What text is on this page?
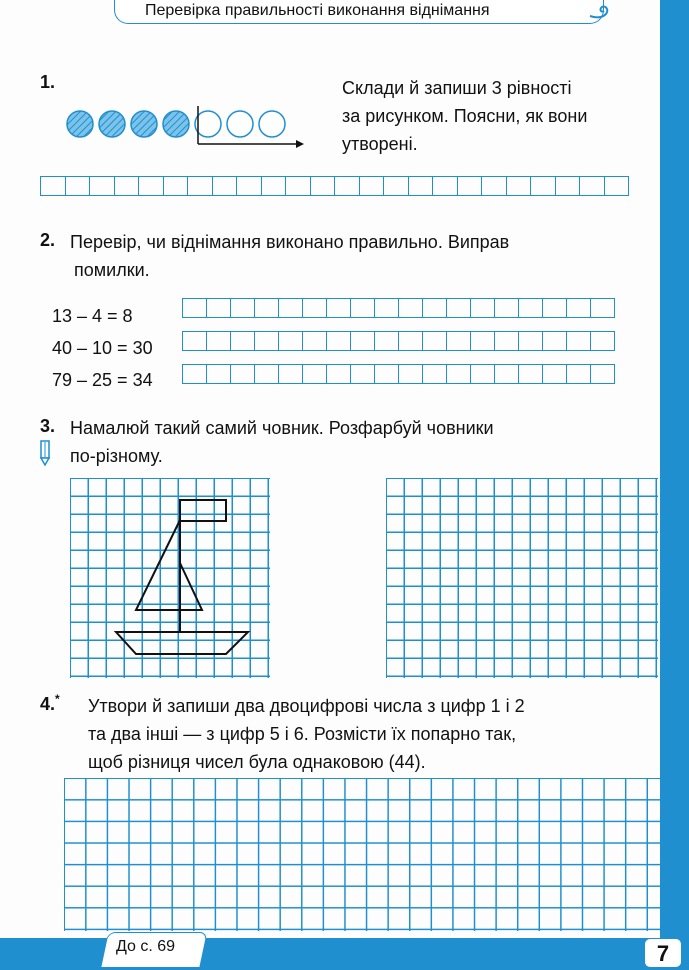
Перевірка правильності виконання віднімання
1.	Склади й запиши 3 рівності
за рисунком. Поясни, як вони
утворені.
2. Перевір, чи віднімання виконано правильно. Виправ
помилки.
13 – 4 = 8
40 – 10 = 30
79 – 25 = 34
3. Намалюй такий самий човник. Розфарбуй човники
по-різному.
4.* Утвори й запиши два двоцифрові числа з цифр 1 і 2
та два інші — з цифр 5 і 6. Розмісти їх попарно так,
щоб різниця чисел була однаковою (44).
До с. 69	7
